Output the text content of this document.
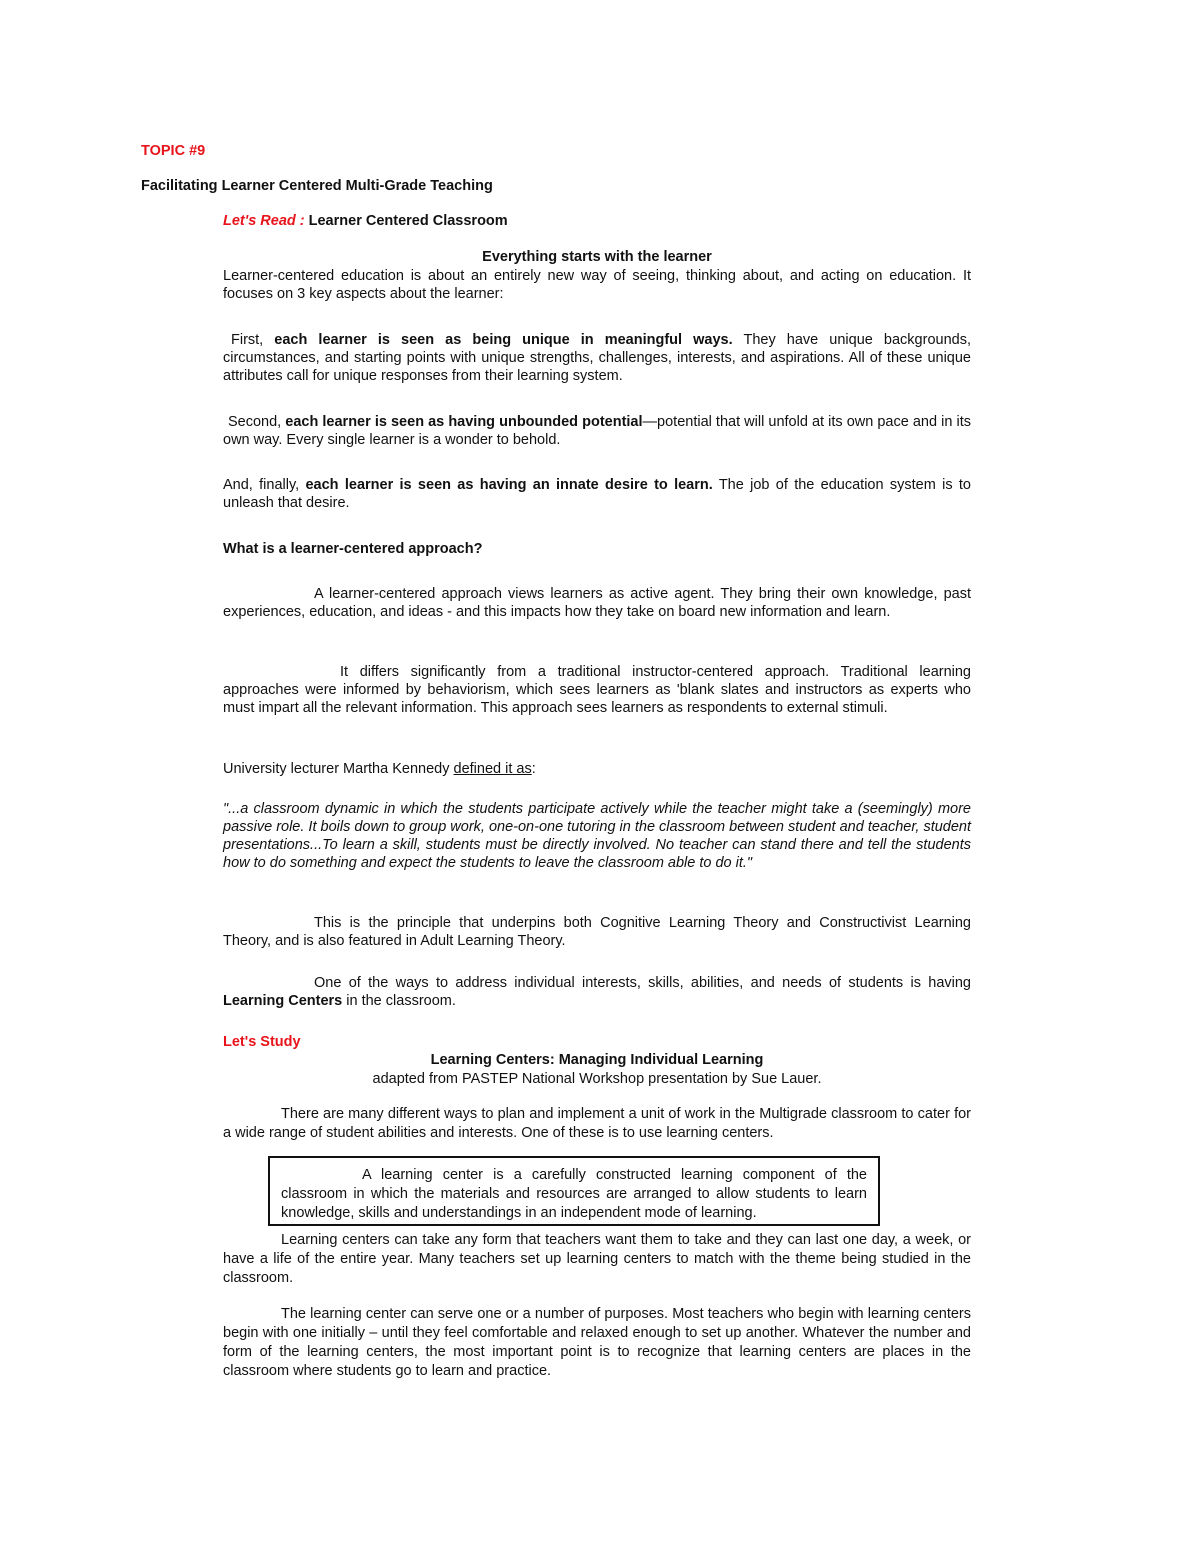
TOPIC #9
Facilitating Learner Centered Multi-Grade Teaching
Let's Read : Learner Centered Classroom

Everything starts with the learner

Learner-centered education is about an entirely new way of seeing, thinking about, and acting on education. It focuses on 3 key aspects about the learner:

First, each learner is seen as being unique in meaningful ways. They have unique backgrounds, circumstances, and starting points with unique strengths, challenges, interests, and aspirations. All of these unique attributes call for unique responses from their learning system.

Second, each learner is seen as having unbounded potential—potential that will unfold at its own pace and in its own way. Every single learner is a wonder to behold.

And, finally, each learner is seen as having an innate desire to learn. The job of the education system is to unleash that desire.

What is a learner-centered approach?

A learner-centered approach views learners as active agent. They bring their own knowledge, past experiences, education, and ideas - and this impacts how they take on board new information and learn.

It differs significantly from a traditional instructor-centered approach. Traditional learning approaches were informed by behaviorism, which sees learners as 'blank slates and instructors as experts who must impart all the relevant information. This approach sees learners as respondents to external stimuli.

University lecturer Martha Kennedy defined it as:

"...a classroom dynamic in which the students participate actively while the teacher might take a (seemingly) more passive role. It boils down to group work, one-on-one tutoring in the classroom between student and teacher, student presentations...To learn a skill, students must be directly involved. No teacher can stand there and tell the students how to do something and expect the students to leave the classroom able to do it."

This is the principle that underpins both Cognitive Learning Theory and Constructivist Learning Theory, and is also featured in Adult Learning Theory.

One of the ways to address individual interests, skills, abilities, and needs of students is having Learning Centers in the classroom.

Let's Study

Learning Centers: Managing Individual Learning

adapted from PASTEP National Workshop presentation by Sue Lauer.

There are many different ways to plan and implement a unit of work in the Multigrade classroom to cater for a wide range of student abilities and interests. One of these is to use learning centers.

A learning center is a carefully constructed learning component of the classroom in which the materials and resources are arranged to allow students to learn knowledge, skills and understandings in an independent mode of learning.

Learning centers can take any form that teachers want them to take and they can last one day, a week, or have a life of the entire year. Many teachers set up learning centers to match with the theme being studied in the classroom.

The learning center can serve one or a number of purposes. Most teachers who begin with learning centers begin with one initially – until they feel comfortable and relaxed enough to set up another. Whatever the number and form of the learning centers, the most important point is to recognize that learning centers are places in the classroom where students go to learn and practice.
